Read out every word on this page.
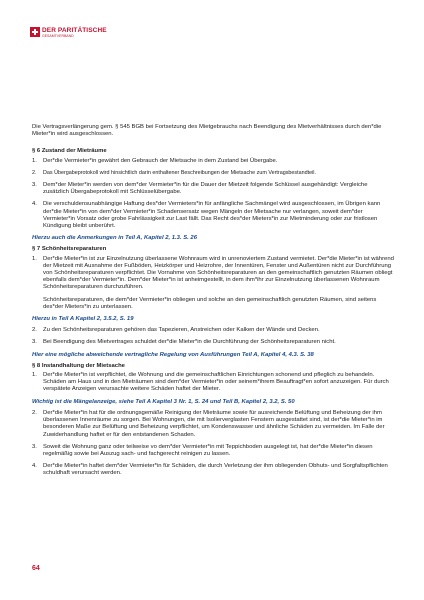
DER PARITÄTISCHE
GESAMTVERBAND

Die Vertragsverlängerung gem. § 545 BGB bei Fortsetzung des Mietgebrauchs nach Beendigung des Mietverhältnisses durch den*die Mieter*in wird ausgeschlossen.

§ 6 Zustand der Mieträume
1.	Der*die Vermieter*in gewährt den Gebrauch der Mietsache in dem Zustand bei Übergabe.
2.	Das Übergabeprotokoll wird hinsichtlich darin enthaltener Beschreibungen der Mietsache zum Vertragsbestandteil.
3.	Dem*der Mieter*in werden von dem*der Vermieter*in für die Dauer der Mietzeit folgende Schlüssel ausgehändigt: Vergleiche zusätzlich Übergabeprotokoll mit Schlüsselübergabe.
4.	Die verschuldensunabhängige Haftung des*der Vermieters*in für anfängliche Sachmängel wird ausgeschlossen, im Übrigen kann der*die Mieter*in von dem*der Vermieter*in Schadensersatz wegen Mängeln der Mietsache nur verlangen, soweit dem*der Vermieter*in Vorsatz oder grobe Fahrlässigkeit zur Last fällt. Das Recht des*der Mieters*in zur Mietminderung oder zur fristlosen Kündigung bleibt unberührt.
Hierzu auch die Anmerkungen in Teil A, Kapitel 2, 1.3. S. 26
§ 7 Schönheitsreparaturen
1.	Der*die Mieter*in ist zur Einzelnutzung überlassene Wohnraum wird in unrenoviertem Zustand vermietet. Der*die Mieter*in ist während der Mietzeit mit Ausnahme der Fußböden, Heizkörper und Heizrohre, der Innentüren, Fenster und Außentüren nicht zur Durchführung von Schönheitsreparaturen verpflichtet. Die Vornahme von Schönheitsreparaturen an den gemeinschaftlich genutzten Räumen obliegt ebenfalls dem*der Vermieter*in. Dem*der Mieter*in ist anheimgestellt, in dem ihm*ihr zur Einzelnutzung überlassenen Wohnraum Schönheitsreparaturen durchzuführen.
Schönheitsreparaturen, die dem*der Vermieter*in obliegen und solche an den gemeinschaftlich genutzten Räumen, sind seitens des*der Mieters*in zu unterlassen.
Hierzu in Teil A Kapitel 2, 3.5.2, S. 19
2.	Zu den Schönheitsreparaturen gehören das Tapezieren, Anstreichen oder Kalken der Wände und Decken.
3.	Bei Beendigung des Mietvertrages schuldet der*die Mieter*in die Durchführung der Schönheitsreparaturen nicht.
Hier eine mögliche abweichende vertragliche Regelung von Ausführungen Teil A, Kapitel 4, 4.3. S. 38
§ 8 Instandhaltung der Mietsache
1.	Der*die Mieter*in ist verpflichtet, die Wohnung und die gemeinschaftlichen Einrichtungen schonend und pfleglich zu behandeln. Schäden am Haus und in den Mieträumen sind dem*der Vermieter*in oder seinem*ihrem Beauftragt*en sofort anzuzeigen. Für durch verspätete Anzeigen verursachte weitere Schäden haftet der Mieter.
Wichtig ist die Mängelanzeige, siehe Teil A Kapitel 3 Nr. 1, S. 24 und Teil B, Kapitel 2, 3.2, S. 50
2.	Der*die Mieter*in hat für die ordnungsgemäße Reinigung der Mieträume sowie für ausreichende Belüftung und Beheizung der ihm überlassenen Innenräume zu sorgen. Bei Wohnungen, die mit Isolierverglasten Fenstern ausgestattet sind, ist der*die Mieter*in im besonderen Maße zur Belüftung und Beheizung verpflichtet, um Kondenswasser und ähnliche Schäden zu vermeiden. Im Falle der Zuwiderhandlung haftet er für den entstandenen Schaden.
3.	Soweit die Wohnung ganz oder teilweise vo dem*der Vermieter*in mit Teppichboden ausgelegt ist, hat der*die Mieter*in diesen regelmäßig sowie bei Auszug sach- und fachgerecht reinigen zu lassen.
4.	Der*die Mieter*in haftet dem*der Vermieter*in für Schäden, die durch Verletzung der ihm obliegenden Obhuts- und Sorgfaltspflichten schuldhaft verursacht werden.
64
